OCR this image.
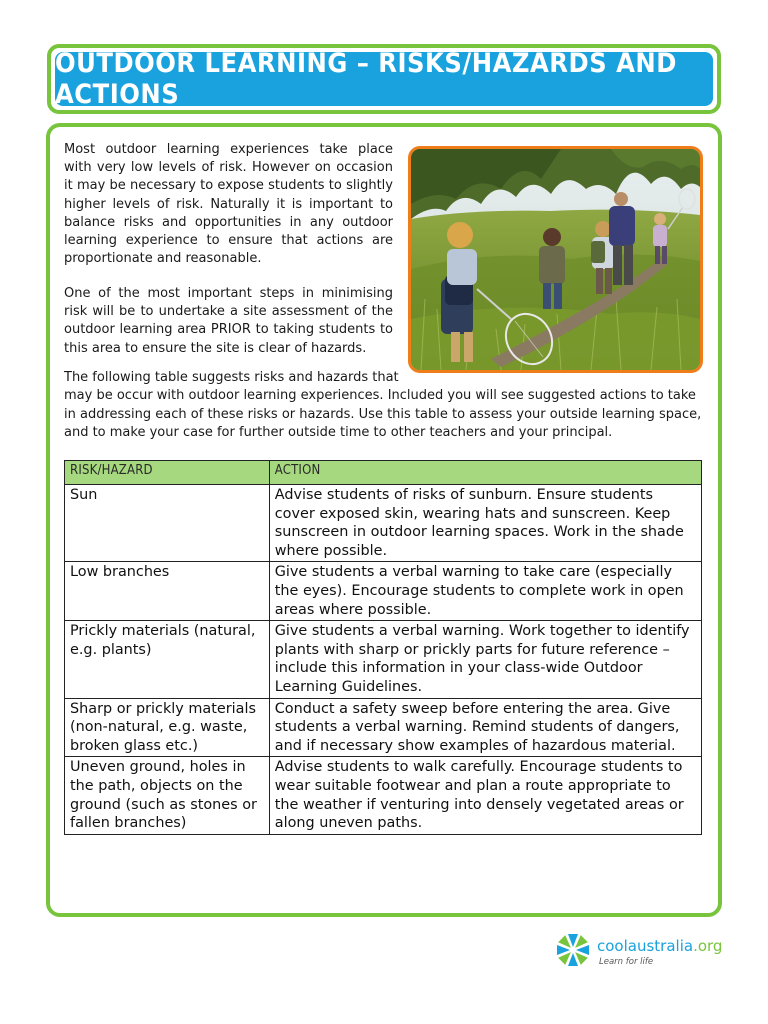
OUTDOOR LEARNING – RISKS/HAZARDS AND ACTIONS

Most outdoor learning experiences take place with very low levels of risk. However on occasion it may be necessary to expose students to slightly higher levels of risk. Naturally it is important to balance risks and opportunities in any outdoor learning experience to ensure that actions are proportionate and reasonable.

One of the most important steps in minimising risk will be to undertake a site assessment of the outdoor learning area PRIOR to taking students to this area to ensure the site is clear of hazards.

The following table suggests risks and hazards that
may be occur with outdoor learning experiences. Included you will see suggested actions to take in addressing each of these risks or hazards. Use this table to assess your outside learning space, and to make your case for further outside time to other teachers and your principal.
RISK/HAZARD	ACTION
Sun	Advise students of risks of sunburn. Ensure students cover exposed skin, wearing hats and sunscreen. Keep sunscreen in outdoor learning spaces. Work in the shade where possible.
Low branches	Give students a verbal warning to take care (especially the eyes). Encourage students to complete work in open areas where possible.
Prickly materials (natural, e.g. plants)	Give students a verbal warning. Work together to identify plants with sharp or prickly parts for future reference – include this information in your class-wide Outdoor Learning Guidelines.
Sharp or prickly materials (non-natural, e.g. waste, broken glass etc.)	Conduct a safety sweep before entering the area. Give students a verbal warning. Remind students of dangers, and if necessary show examples of hazardous material.
Uneven ground, holes in the path, objects on the ground (such as stones or fallen branches)	Advise students to walk carefully. Encourage students to wear suitable footwear and plan a route appropriate to the weather if venturing into densely vegetated areas or along uneven paths.
coolaustralia.org
Learn for life
